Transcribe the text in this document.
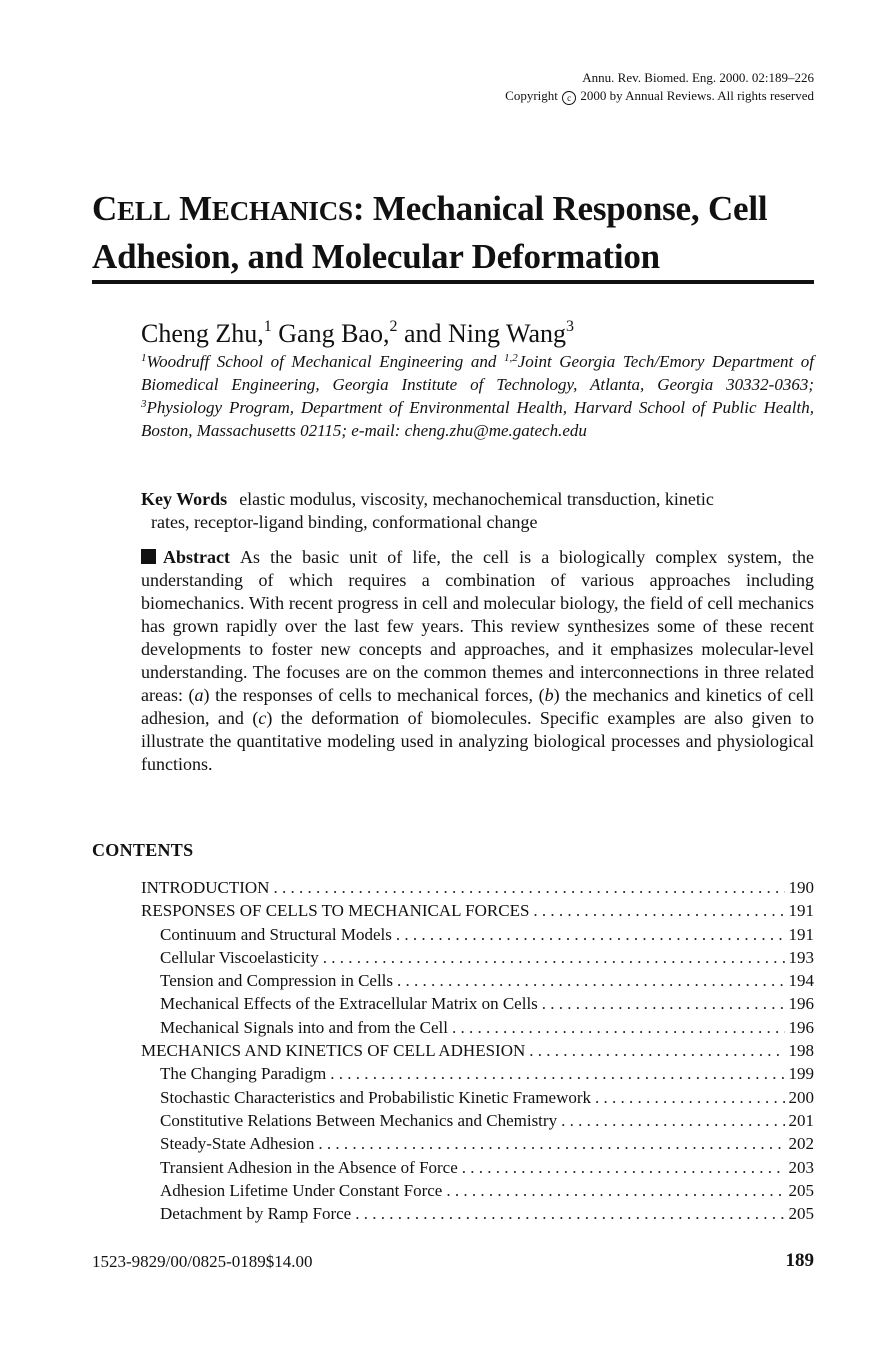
Annu. Rev. Biomed. Eng. 2000. 02:189–226
Copyright c 2000 by Annual Reviews. All rights reserved
CELL MECHANICS: Mechanical Response, Cell
Adhesion, and Molecular Deformation
Cheng Zhu,$^1$ Gang Bao,$^2$ and Ning Wang$^3$
$^1$Woodruff School of Mechanical Engineering and $^{1,2}$Joint Georgia Tech/Emory Department of Biomedical Engineering, Georgia Institute of Technology, Atlanta, Georgia 30332-0363; $^3$Physiology Program, Department of Environmental Health, Harvard School of Public Health, Boston, Massachusetts 02115; e-mail: cheng.zhu@me.gatech.edu
Key Words elastic modulus, viscosity, mechanochemical transduction, kinetic
rates, receptor-ligand binding, conformational change

Abstract As the basic unit of life, the cell is a biologically complex system, the understanding of which requires a combination of various approaches including biomechanics. With recent progress in cell and molecular biology, the field of cell mechanics has grown rapidly over the last few years. This review synthesizes some of these recent developments to foster new concepts and approaches, and it emphasizes molecular-level understanding. The focuses are on the common themes and interconnections in three related areas: (a) the responses of cells to mechanical forces, (b) the mechanics and kinetics of cell adhesion, and (c) the deformation of biomolecules. Specific examples are also given to illustrate the quantitative modeling used in analyzing biological processes and physiological functions.

CONTENTS
INTRODUCTION . . .	190
RESPONSES OF CELLS TO MECHANICAL FORCES . . .	191
Continuum and Structural Models . . .	191
Cellular Viscoelasticity . . .	193
Tension and Compression in Cells . . .	194
Mechanical Effects of the Extracellular Matrix on Cells . . .	196
Mechanical Signals into and from the Cell . . .	196
MECHANICS AND KINETICS OF CELL ADHESION . . .	198
The Changing Paradigm . . .	199
Stochastic Characteristics and Probabilistic Kinetic Framework . . .	200
Constitutive Relations Between Mechanics and Chemistry . . .	201
Steady-State Adhesion . . .	202
Transient Adhesion in the Absence of Force . . .	203
Adhesion Lifetime Under Constant Force . . .	205
Detachment by Ramp Force . . .	205
1523-9829/00/0825-0189$14.00	189
